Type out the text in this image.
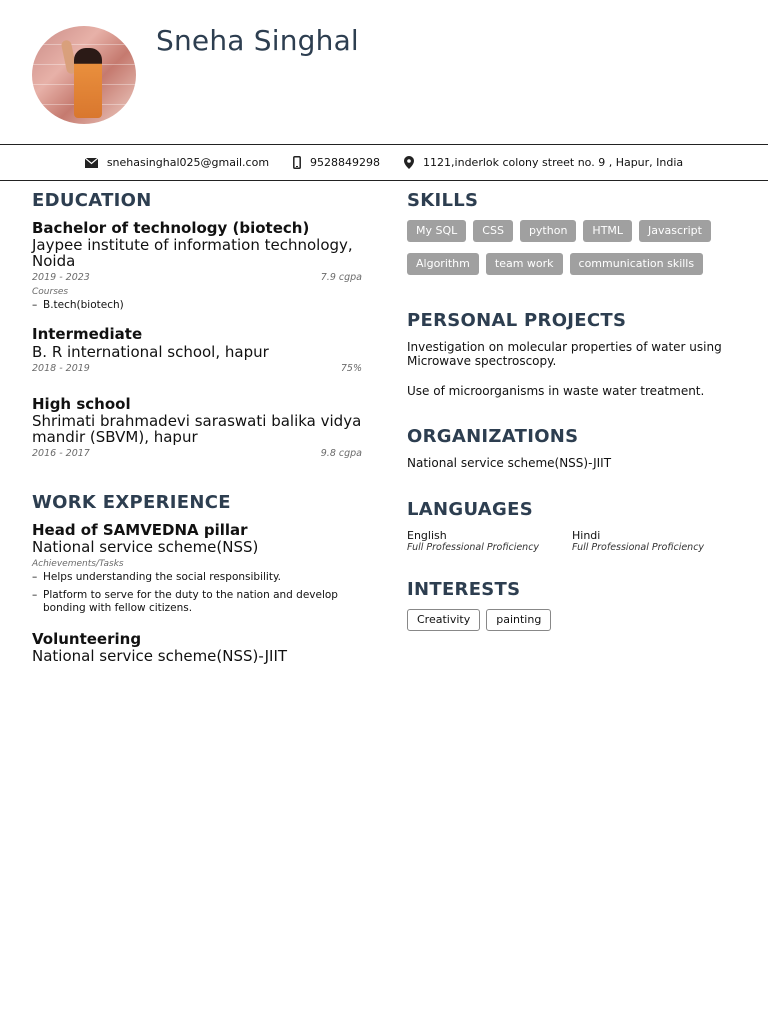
Sneha Singhal
snehasinghal025@gmail.com	9528849298	1121,inderlok colony street no. 9 , Hapur, India
EDUCATION
Bachelor of technology (biotech)
Jaypee institute of information technology, Noida
2019 - 2023	7.9 cgpa
Courses
– B.tech(biotech)
Intermediate
B. R international school, hapur
2018 - 2019	75%
High school
Shrimati brahmadevi saraswati balika vidya mandir (SBVM), hapur
2016 - 2017	9.8 cgpa
WORK EXPERIENCE
Head of SAMVEDNA pillar
National service scheme(NSS)
Achievements/Tasks
– Helps understanding the social responsibility.
– Platform to serve for the duty to the nation and develop bonding with fellow citizens.
Volunteering
National service scheme(NSS)-JIIT
SKILLS
My SQL	CSS	python	HTML	Javascript
Algorithm	team work	communication skills
PERSONAL PROJECTS
Investigation on molecular properties of water using Microwave spectroscopy.
Use of microorganisms in waste water treatment.
ORGANIZATIONS
National service scheme(NSS)-JIIT
LANGUAGES
English
Full Professional Proficiency
Hindi
Full Professional Proficiency
INTERESTS
Creativity	painting
